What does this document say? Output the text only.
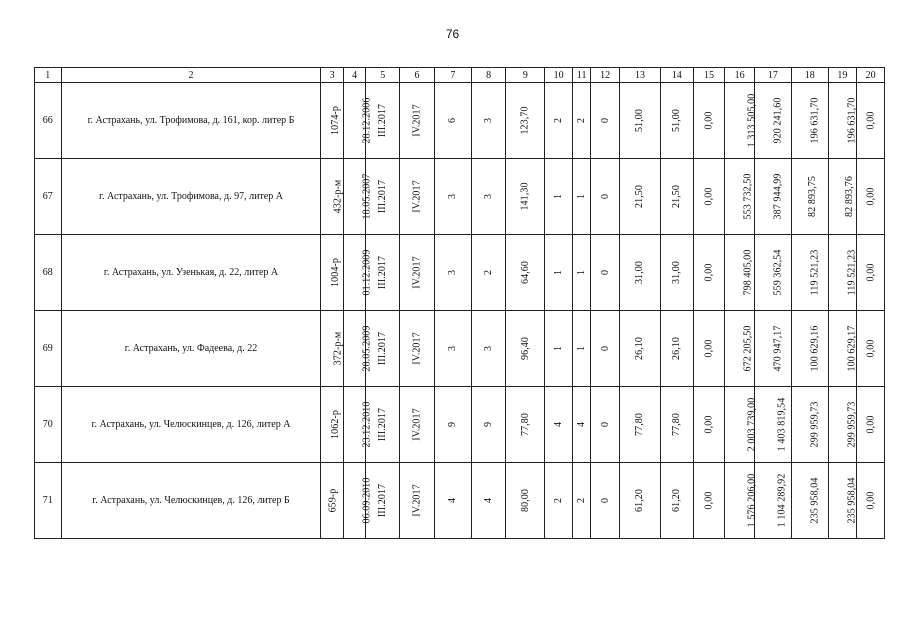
76
1	2	3	4	5	6	7	8	9	10	11	12	13	14	15	16	17	18	19	20
66	г. Астрахань, ул. Трофимова, д. 161, кор. литер Б	1074-р	28.12.2006	III.2017	IV.2017	6	3	123,70	2	2	0	51,00	51,00	0,00	1 313 505,00	920 241,60	196 631,70	196 631,70	0,00
67	г. Астрахань, ул. Трофимова, д. 97, литер А	432-р-м	18.05.2007	III.2017	IV.2017	3	3	141,30	1	1	0	21,50	21,50	0,00	553 732,50	387 944,99	82 893,75	82 893,76	0,00
68	г. Астрахань, ул. Узенькая, д. 22, литер А	1004-р	01.12.2009	III.2017	IV.2017	3	2	64,60	1	1	0	31,00	31,00	0,00	798 405,00	559 362,54	119 521,23	119 521,23	0,00
69	г. Астрахань, ул. Фадеева, д. 22	372-р-м	28.05.2009	III.2017	IV.2017	3	3	96,40	1	1	0	26,10	26,10	0,00	672 205,50	470 947,17	100 629,16	100 629,17	0,00
70	г. Астрахань, ул. Челюскинцев, д. 126, литер А	1062-р	23.12.2010	III.2017	IV.2017	9	9	77,80	4	4	0	77,80	77,80	0,00	2 003 739,00	1 403 819,54	299 959,73	299 959,73	0,00
71	г. Астрахань, ул. Челюскинцев, д. 126, литер Б	659-р	06.09.2010	III.2017	IV.2017	4	4	80,00	2	2	0	61,20	61,20	0,00	1 576 206,00	1 104 289,92	235 958,04	235 958,04	0,00
